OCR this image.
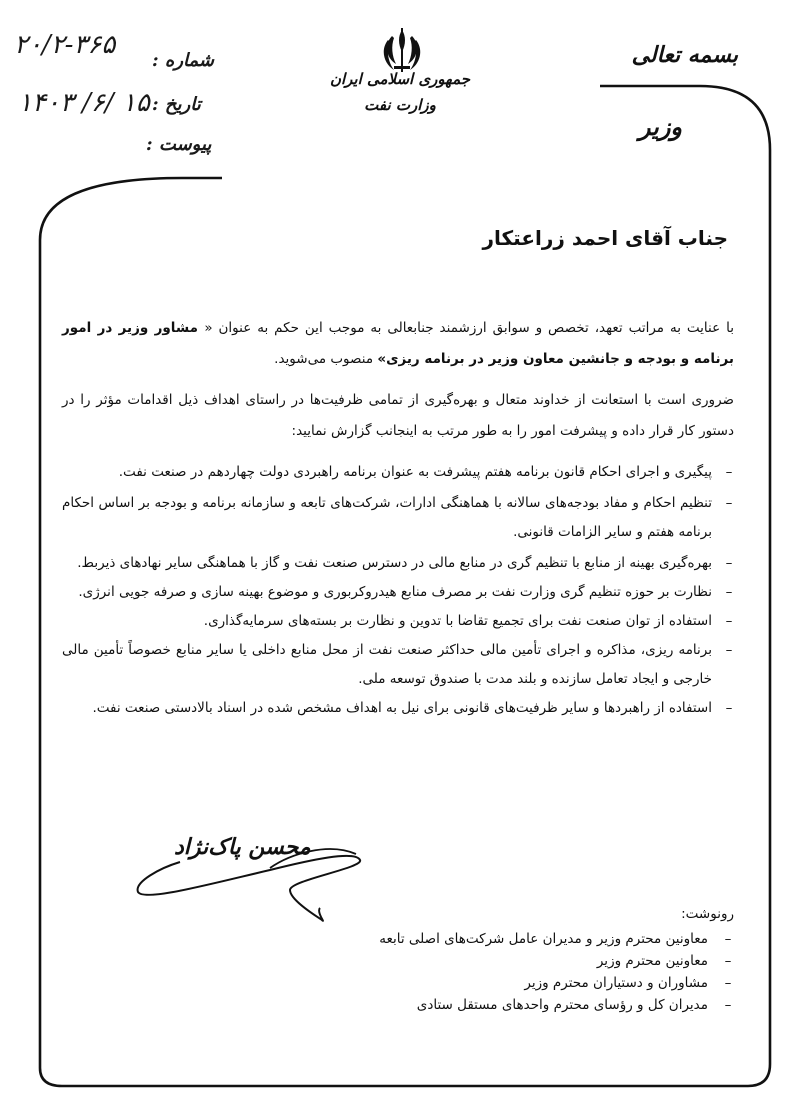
۲۰/۲-۳۶۵
۱۴۰۳ /۶/ ۱۵
شماره :
تاریخ :
پیوست :
جمهوری اسلامی ایران
وزارت نفت
بسمه تعالی
وزیر
جناب آقای احمد زراعتکار

با عنایت به مراتب تعهد، تخصص و سوابق ارزشمند جنابعالی به موجب این حکم به عنوان « مشاور وزیر در امور برنامه و بودجه و جانشین معاون وزیر در برنامه ریزی» منصوب می‌شوید.

ضروری است با استعانت از خداوند متعال و بهره‌گیری از تمامی ظرفیت‌ها در راستای اهداف ذیل اقدامات مؤثر را در دستور کار قرار داده و پیشرفت امور را به طور مرتب به اینجانب گزارش نمایید:

–
پیگیری و اجرای احکام قانون برنامه هفتم پیشرفت به عنوان برنامه راهبردی دولت چهاردهم در صنعت نفت.
–
تنظیم احکام و مفاد بودجه‌های سالانه با هماهنگی ادارات، شرکت‌های تابعه و سازمانه برنامه و بودجه بر اساس احکام برنامه هفتم و سایر الزامات قانونی.
–
بهره‌گیری بهینه از منابع با تنظیم گری در منابع مالی در دسترس صنعت نفت و گاز با هماهنگی سایر نهادهای ذیربط.
–
نظارت بر حوزه تنظیم گری وزارت نفت بر مصرف منابع هیدروکربوری و موضوع بهینه سازی و صرفه جویی انرژی.
–
استفاده از توان صنعت نفت برای تجمیع تقاضا با تدوین و نظارت بر بسته‌های سرمایه‌گذاری.
–
برنامه ریزی، مذاکره و اجرای تأمین مالی حداکثر صنعت نفت از محل منابع داخلی یا سایر منابع خصوصاً تأمین مالی خارجی و ایجاد تعامل سازنده و بلند مدت با صندوق توسعه ملی.
–
استفاده از راهبردها و سایر ظرفیت‌های قانونی برای نیل به اهداف مشخص شده در اسناد بالادستی صنعت نفت.
محسن پاک‌نژاد
رونوشت:
–
معاونین محترم وزیر و مدیران عامل شرکت‌های اصلی تابعه
–
معاونین محترم وزیر
–
مشاوران و دستیاران محترم وزیر
–
مدیران کل و رؤسای محترم واحدهای مستقل ستادی
